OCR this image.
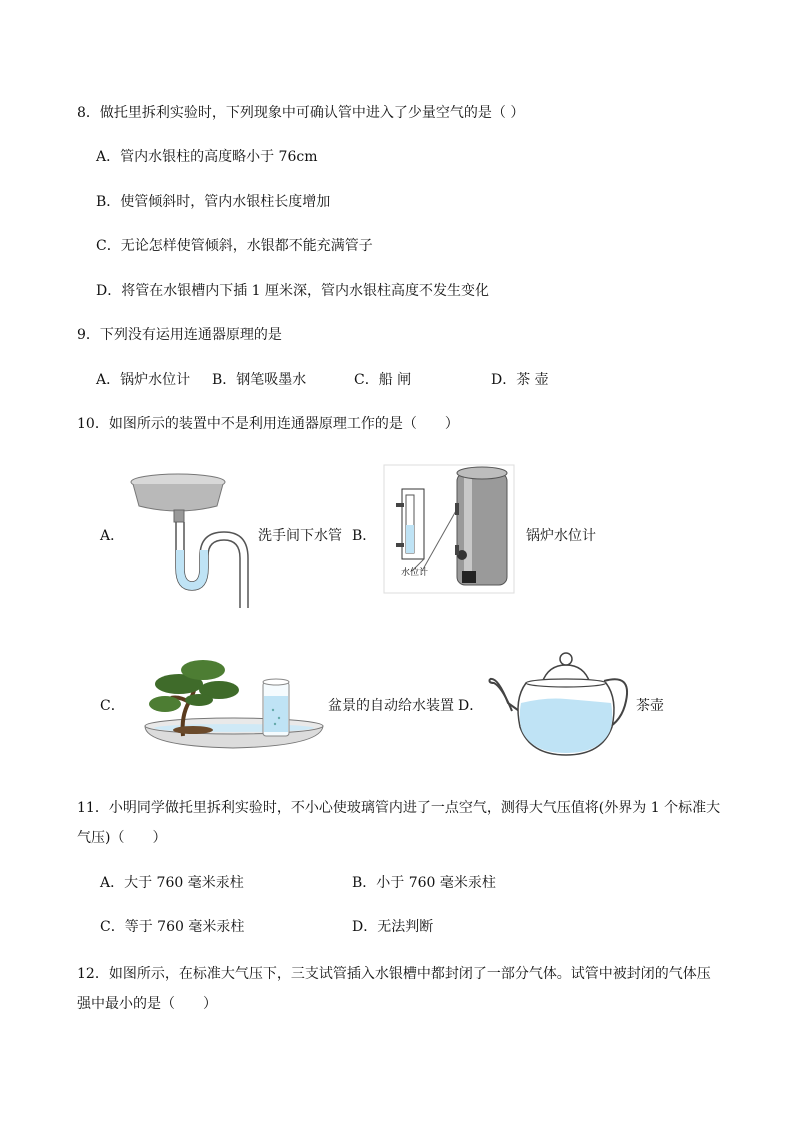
8．做托里拆利实验时，下列现象中可确认管中进入了少量空气的是（ ）
A．管内水银柱的高度略小于 76cm
B．使管倾斜时，管内水银柱长度增加
C．无论怎样使管倾斜，水银都不能充满管子
D．将管在水银槽内下插 1 厘米深，管内水银柱高度不发生变化
9．下列没有运用连通器原理的是
A．锅炉水位计 B．钢笔吸墨水	C．船 闸	D．茶 壶
10．如图所示的装置中不是利用连通器原理工作的是（　　）
A．	洗手间下水管 B．
水位计
锅炉水位计
C．	盆景的自动给水装置 D．	茶壶
11．小明同学做托里拆利实验时，不小心使玻璃管内进了一点空气，测得大气压值将(外界为 1 个标准大
气压)（　　）
A．大于 760 毫米汞柱	B．小于 760 毫米汞柱
C．等于 760 毫米汞柱	D．无法判断
12．如图所示，在标准大气压下，三支试管插入水银槽中都封闭了一部分气体。试管中被封闭的气体压
强中最小的是（　　）
